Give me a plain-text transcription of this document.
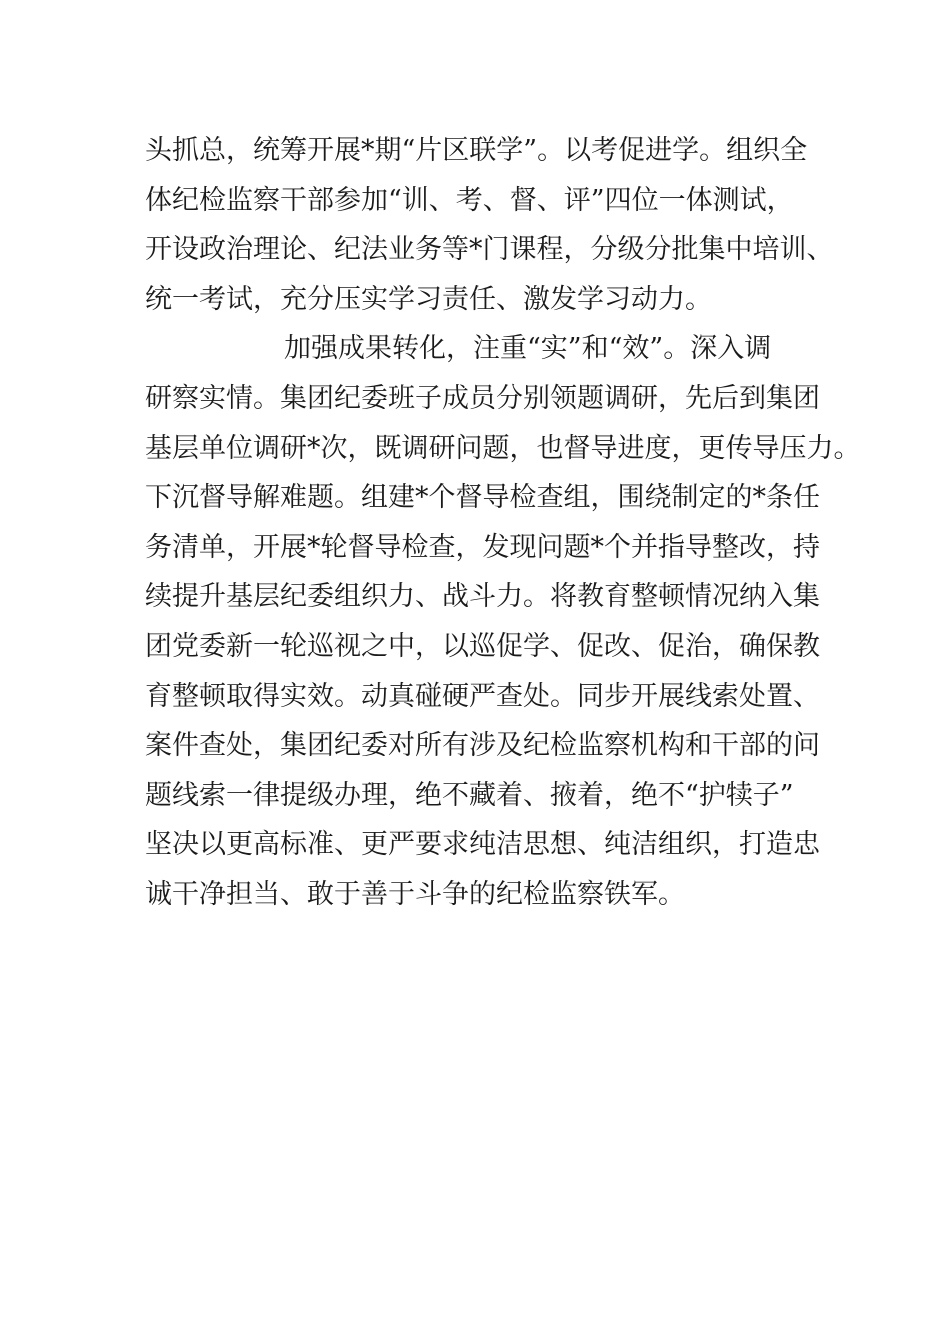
头抓总，统筹开展*期“片区联学”。以考促进学。组织全
体纪检监察干部参加“训、考、督、评”四位一体测试，
开设政治理论、纪法业务等*门课程，分级分批集中培训、
统一考试，充分压实学习责任、激发学习动力。
加强成果转化，注重“实”和“效”。深入调
研察实情。集团纪委班子成员分别领题调研，先后到集团
基层单位调研*次，既调研问题，也督导进度，更传导压力。
下沉督导解难题。组建*个督导检查组，围绕制定的*条任
务清单，开展*轮督导检查，发现问题*个并指导整改，持
续提升基层纪委组织力、战斗力。将教育整顿情况纳入集
团党委新一轮巡视之中，以巡促学、促改、促治，确保教
育整顿取得实效。动真碰硬严查处。同步开展线索处置、
案件查处，集团纪委对所有涉及纪检监察机构和干部的问
题线索一律提级办理，绝不藏着、掖着，绝不“护犊子”
坚决以更高标准、更严要求纯洁思想、纯洁组织，打造忠
诚干净担当、敢于善于斗争的纪检监察铁军。
